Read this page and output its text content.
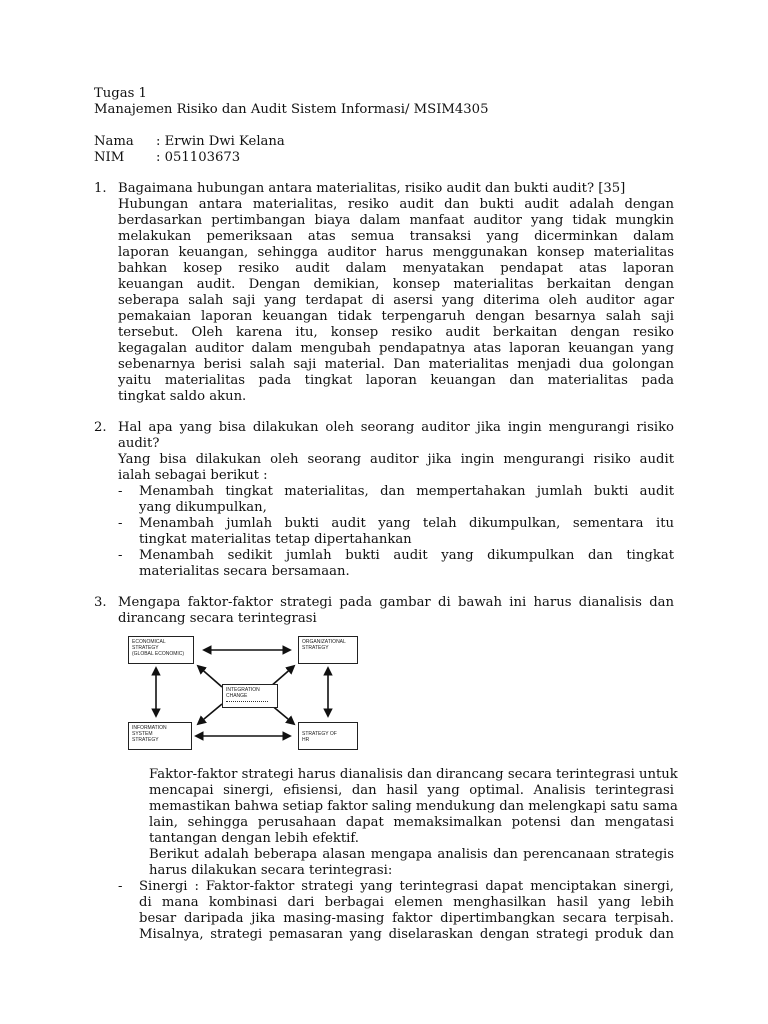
Tugas 1
Manajemen Risiko dan Audit Sistem Informasi/ MSIM4305
Nama : Erwin Dwi Kelana
NIM : 051103673
1. Bagaimana hubungan antara materialitas, risiko audit dan bukti audit? [35]
Hubungan antara materialitas, resiko audit dan bukti audit adalah dengan
berdasarkan pertimbangan biaya dalam manfaat auditor yang tidak mungkin
melakukan pemeriksaan atas semua transaksi yang dicerminkan dalam
laporan keuangan, sehingga auditor harus menggunakan konsep materialitas
bahkan kosep resiko audit dalam menyatakan pendapat atas laporan
keuangan audit. Dengan demikian, konsep materialitas berkaitan dengan
seberapa salah saji yang terdapat di asersi yang diterima oleh auditor agar
pemakaian laporan keuangan tidak terpengaruh dengan besarnya salah saji
tersebut. Oleh karena itu, konsep resiko audit berkaitan dengan resiko
kegagalan auditor dalam mengubah pendapatnya atas laporan keuangan yang
sebenarnya berisi salah saji material. Dan materialitas menjadi dua golongan
yaitu materialitas pada tingkat laporan keuangan dan materialitas pada
tingkat saldo akun.
2. Hal apa yang bisa dilakukan oleh seorang auditor jika ingin mengurangi risiko
audit?
Yang bisa dilakukan oleh seorang auditor jika ingin mengurangi risiko audit
ialah sebagai berikut :
- Menambah tingkat materialitas, dan mempertahakan jumlah bukti audit
yang dikumpulkan,
- Menambah jumlah bukti audit yang telah dikumpulkan, sementara itu
tingkat materialitas tetap dipertahankan
- Menambah sedikit jumlah bukti audit yang dikumpulkan dan tingkat
materialitas secara bersamaan.
3. Mengapa faktor-faktor strategi pada gambar di bawah ini harus dianalisis dan
dirancang secara terintegrasi
ECONOMICAL
STRATEGY
(GLOBAL ECONOMIC)
ORGANIZATIONAL
STRATEGY
INTEGRATION
CHANGE
INFORMATION
SYSTEM
STRATEGY
STRATEGY OF
HR
Faktor-faktor strategi harus dianalisis dan dirancang secara terintegrasi untuk
mencapai sinergi, efisiensi, dan hasil yang optimal. Analisis terintegrasi
memastikan bahwa setiap faktor saling mendukung dan melengkapi satu sama
lain, sehingga perusahaan dapat memaksimalkan potensi dan mengatasi
tantangan dengan lebih efektif.
Berikut adalah beberapa alasan mengapa analisis dan perencanaan strategis
harus dilakukan secara terintegrasi:
- Sinergi : Faktor-faktor strategi yang terintegrasi dapat menciptakan sinergi,
di mana kombinasi dari berbagai elemen menghasilkan hasil yang lebih
besar daripada jika masing-masing faktor dipertimbangkan secara terpisah.
Misalnya, strategi pemasaran yang diselaraskan dengan strategi produk dan
